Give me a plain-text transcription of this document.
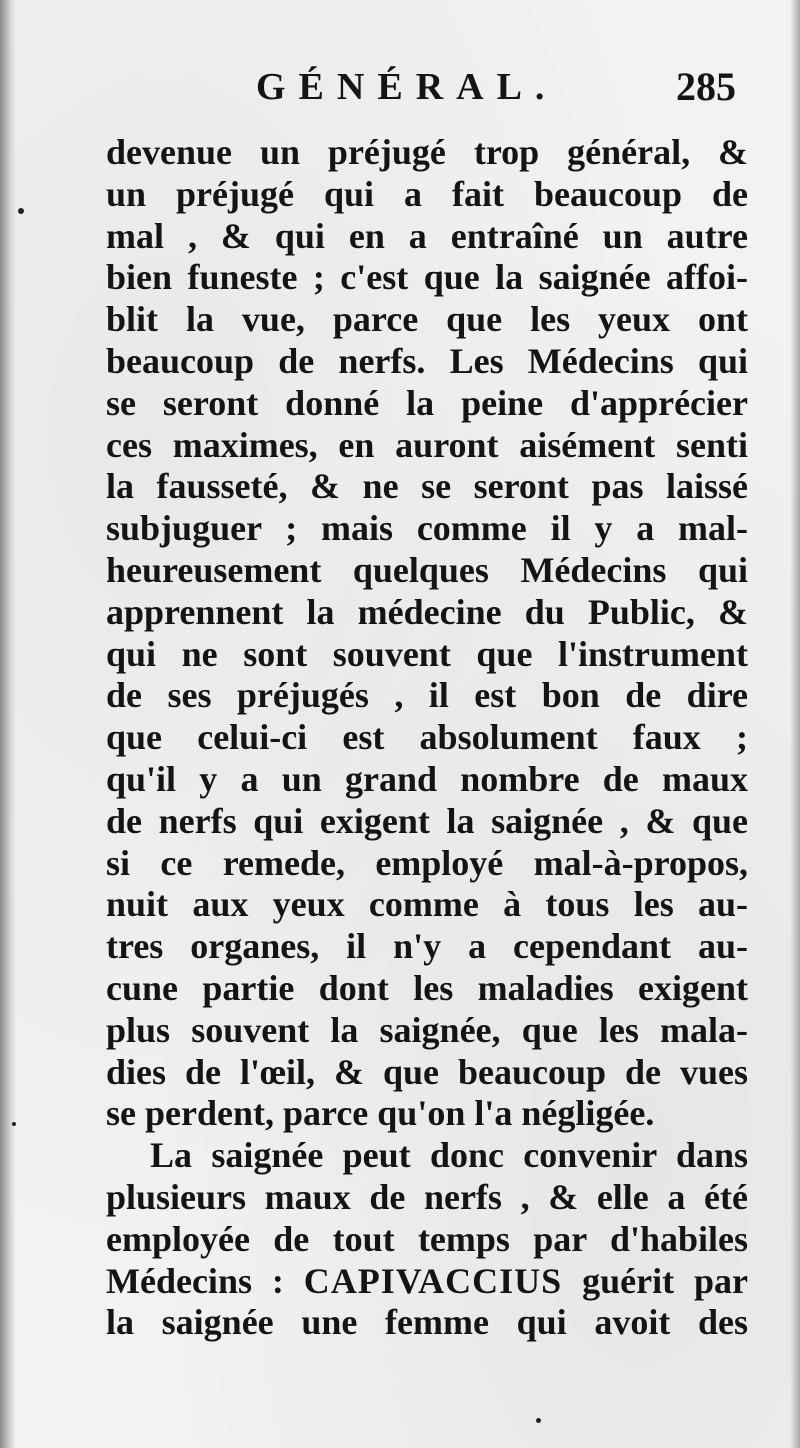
GÉNÉRAL.	285
devenue un préjugé trop général, &
un préjugé qui a fait beaucoup de
mal , & qui en a entraîné un autre
bien funeste ; c'est que la saignée affoi-
blit la vue, parce que les yeux ont
beaucoup de nerfs. Les Médecins qui
se seront donné la peine d'apprécier
ces maximes, en auront aisément senti
la fausseté, & ne se seront pas laissé
subjuguer ; mais comme il y a mal-
heureusement quelques Médecins qui
apprennent la médecine du Public, &
qui ne sont souvent que l'instrument
de ses préjugés , il est bon de dire
que celui-ci est absolument faux ;
qu'il y a un grand nombre de maux
de nerfs qui exigent la saignée , & que
si ce remede, employé mal-à-propos,
nuit aux yeux comme à tous les au-
tres organes, il n'y a cependant au-
cune partie dont les maladies exigent
plus souvent la saignée, que les mala-
dies de l'œil, & que beaucoup de vues
se perdent, parce qu'on l'a négligée.
La saignée peut donc convenir dans
plusieurs maux de nerfs , & elle a été
employée de tout temps par d'habiles
Médecins : CAPIVACCIUS guérit par
la saignée une femme qui avoit des
